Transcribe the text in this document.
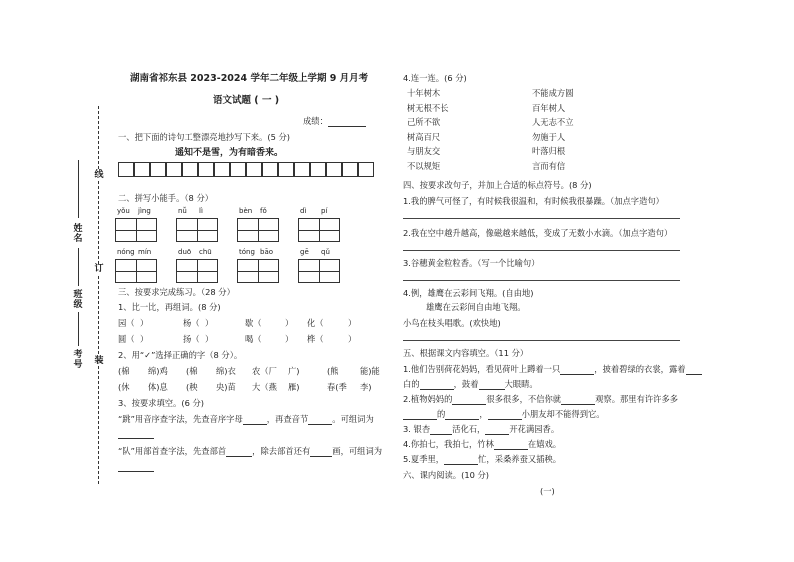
湖南省祁东县 2023-2024 学年二年级上学期 9 月月考
语文试题 ( 一 )
成绩：
线
订
装
姓名
班级
考号
一、把下面的诗句工整漂亮地抄写下来。(5 分)
遥知不是雪，为有暗香来。
二、拼写小能手。（8 分）
yǒu jìng	nǚ lì	bèn fǒ	dì pí
nóng mín	duō chū	tóng bāo	gē qǔ
三、按要求完成练习。（28 分）
1、比一比，再组词。(8 分)
园（ ）	杨（ ）	歇（	） 化（	）
圆（ ）	扬（ ）	喝（	） 桦（	）
2、用“✓”选择正确的字（8 分）。
(棉 绵)鸡 (棉 绵)衣 农（厂 广)	(熊	能)能
(休 体)息 (秧 央)苗 大（燕 雁)	春(季 李)
3、按要求填空。(6 分)
“跳”用音序查字法，先查音序字母	，再查音节	。可组词为
“队”用部首查字法，先查部首	，除去部首还有	画，可组词为
4.连一连。(6 分)
十年树木	不能成方圆
树无根不长	百年树人
己所不欲	人无志不立
树高百尺	勿施于人
与朋友交	叶落归根
不以规矩	言而有信
四、按要求改句子，并加上合适的标点符号。(8 分)
1.我的脾气可怪了，有时候我很温和，有时候我很暴躁。（加点字造句）
2.我在空中越升越高，像磁越来越低，变成了无数小水滴。（加点字造句）
3.谷穗黄金粒粒香。（写一个比喻句）
4.例，雄鹰在云彩间飞翔。(自由地)
雄鹰在云彩间自由地飞翔。
小鸟在枝头唱歌。(欢快地)
五、根据课文内容填空。（11 分）
1.他们告别荷花妈妈，看见荷叶上蹲着一只	，披着碧绿的衣裳，露着
白的	，鼓着	大眼睛。
2.植物妈妈的	很多很多，不信你就	观察。那里有许许多多
的	，	小朋友却不能得到它。
3. 银杏	活化石，	开花满园香。
4.你拍七，我拍七，竹林	在嬉戏。
5.夏季里，	忙，采桑养蚕又插秧。
六、课内阅读。(10 分)
(一)
